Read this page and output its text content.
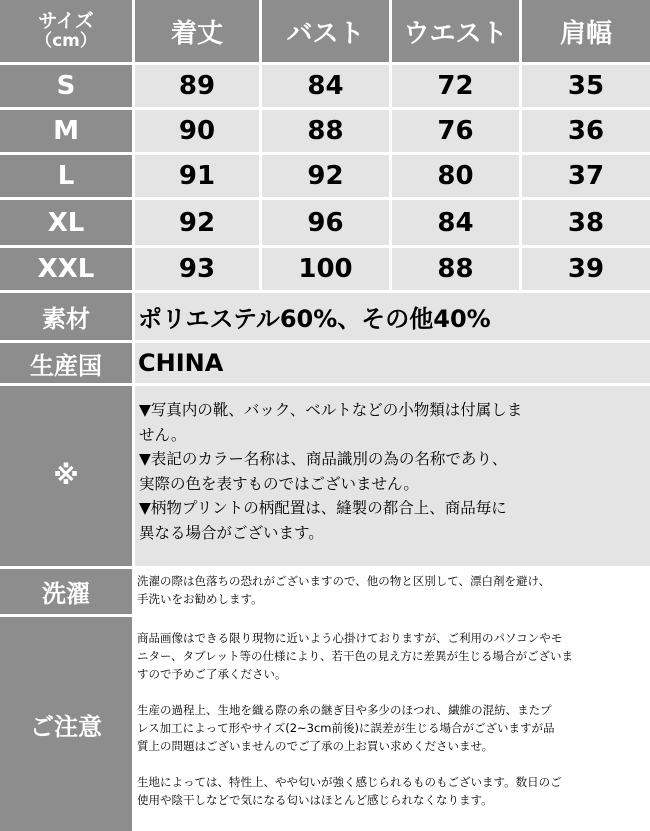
サイズ
（cm）	着丈	バスト	ウエスト	肩幅
S	89	84	72	35
M	90	88	76	36
L	91	92	80	37
XL	92	96	84	38
XXL	93	100	88	39
素材	ポリエステル60%、その他40%
生産国	CHINA
※

▼写真内の靴、バック、ベルトなどの小物類は付属しま

せん。

▼表記のカラー名称は、商品識別の為の名称であり、

実際の色を表すものではございません。

▼柄物プリントの柄配置は、縫製の都合上、商品毎に

異なる場合がございます。

洗濯	洗濯の際は色落ちの恐れがございますので、他の物と区別して、漂白剤を避け、

手洗いをお勧めします。

ご注意

商品画像はできる限り現物に近いよう心掛けておりますが、ご利用のパソコンやモ

ニター、タブレット等の仕様により、若干色の見え方に差異が生じる場合がございま

すので予めご了承ください。

生産の過程上、生地を織る際の糸の継ぎ目や多少のほつれ、繊維の混紡、またプ

レス加工によって形やサイズ(2~3cm前後)に誤差が生じる場合がございますが品

質上の問題はございませんのでご了承の上お買い求めくださいませ。

生地によっては、特性上、やや匂いが強く感じられるものもございます。数日のご

使用や陰干しなどで気になる匂いはほとんど感じられなくなります。
